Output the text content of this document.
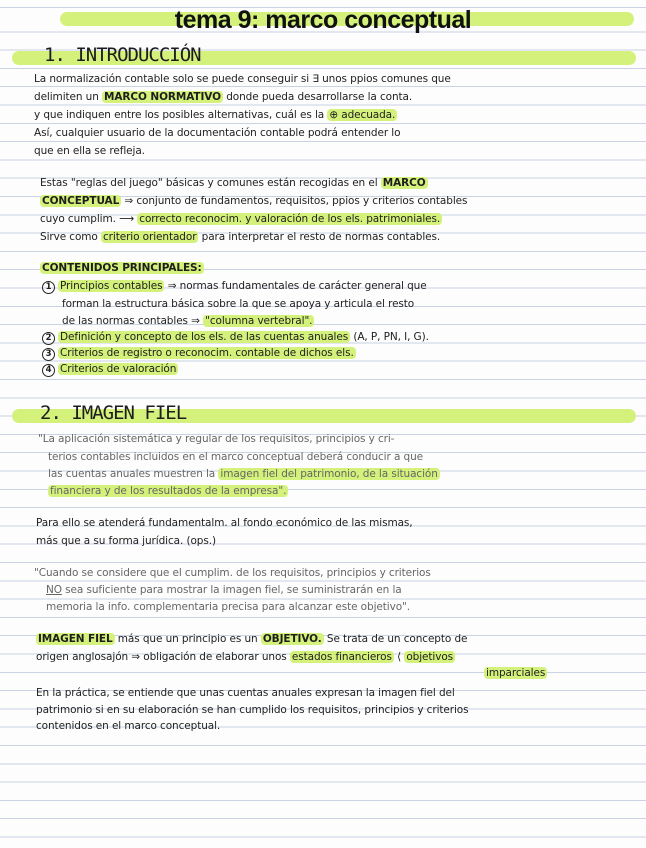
tema 9: marco conceptual
1. INTRODUCCIÓN
La normalización contable solo se puede conseguir si ∃ unos ppios comunes que
delimiten un MARCO NORMATIVO donde pueda desarrollarse la conta.
y que indiquen entre los posibles alternativas, cuál es la ⊕ adecuada.
Así, cualquier usuario de la documentación contable podrá entender lo
que en ella se refleja.
Estas "reglas del juego" básicas y comunes están recogidas en el MARCO
CONCEPTUAL ⇒ conjunto de fundamentos, requisitos, ppios y criterios contables
cuyo cumplim. ⟶ correcto reconocim. y valoración de los els. patrimoniales.
Sirve como criterio orientador para interpretar el resto de normas contables.
CONTENIDOS PRINCIPALES:
1 Principios contables ⇒ normas fundamentales de carácter general que
forman la estructura básica sobre la que se apoya y articula el resto
de las normas contables ⇒ "columna vertebral".
2 Definición y concepto de los els. de las cuentas anuales (A, P, PN, I, G).
3 Criterios de registro o reconocim. contable de dichos els.
4 Criterios de valoración
2. IMAGEN FIEL
"La aplicación sistemática y regular de los requisitos, principios y cri-
terios contables incluidos en el marco conceptual deberá conducir a que
las cuentas anuales muestren la imagen fiel del patrimonio, de la situación
financiera y de los resultados de la empresa".
Para ello se atenderá fundamentalm. al fondo económico de las mismas,
más que a su forma jurídica. (ops.)
"Cuando se considere que el cumplim. de los requisitos, principios y criterios
NO sea suficiente para mostrar la imagen fiel, se suministrarán en la
memoria la info. complementaria precisa para alcanzar este objetivo".
IMAGEN FIEL más que un principio es un OBJETIVO. Se trata de un concepto de
origen anglosajón ⇒ obligación de elaborar unos estados financieros ⟨ objetivos
imparciales
En la práctica, se entiende que unas cuentas anuales expresan la imagen fiel del
patrimonio si en su elaboración se han cumplido los requisitos, principios y criterios
contenidos en el marco conceptual.
